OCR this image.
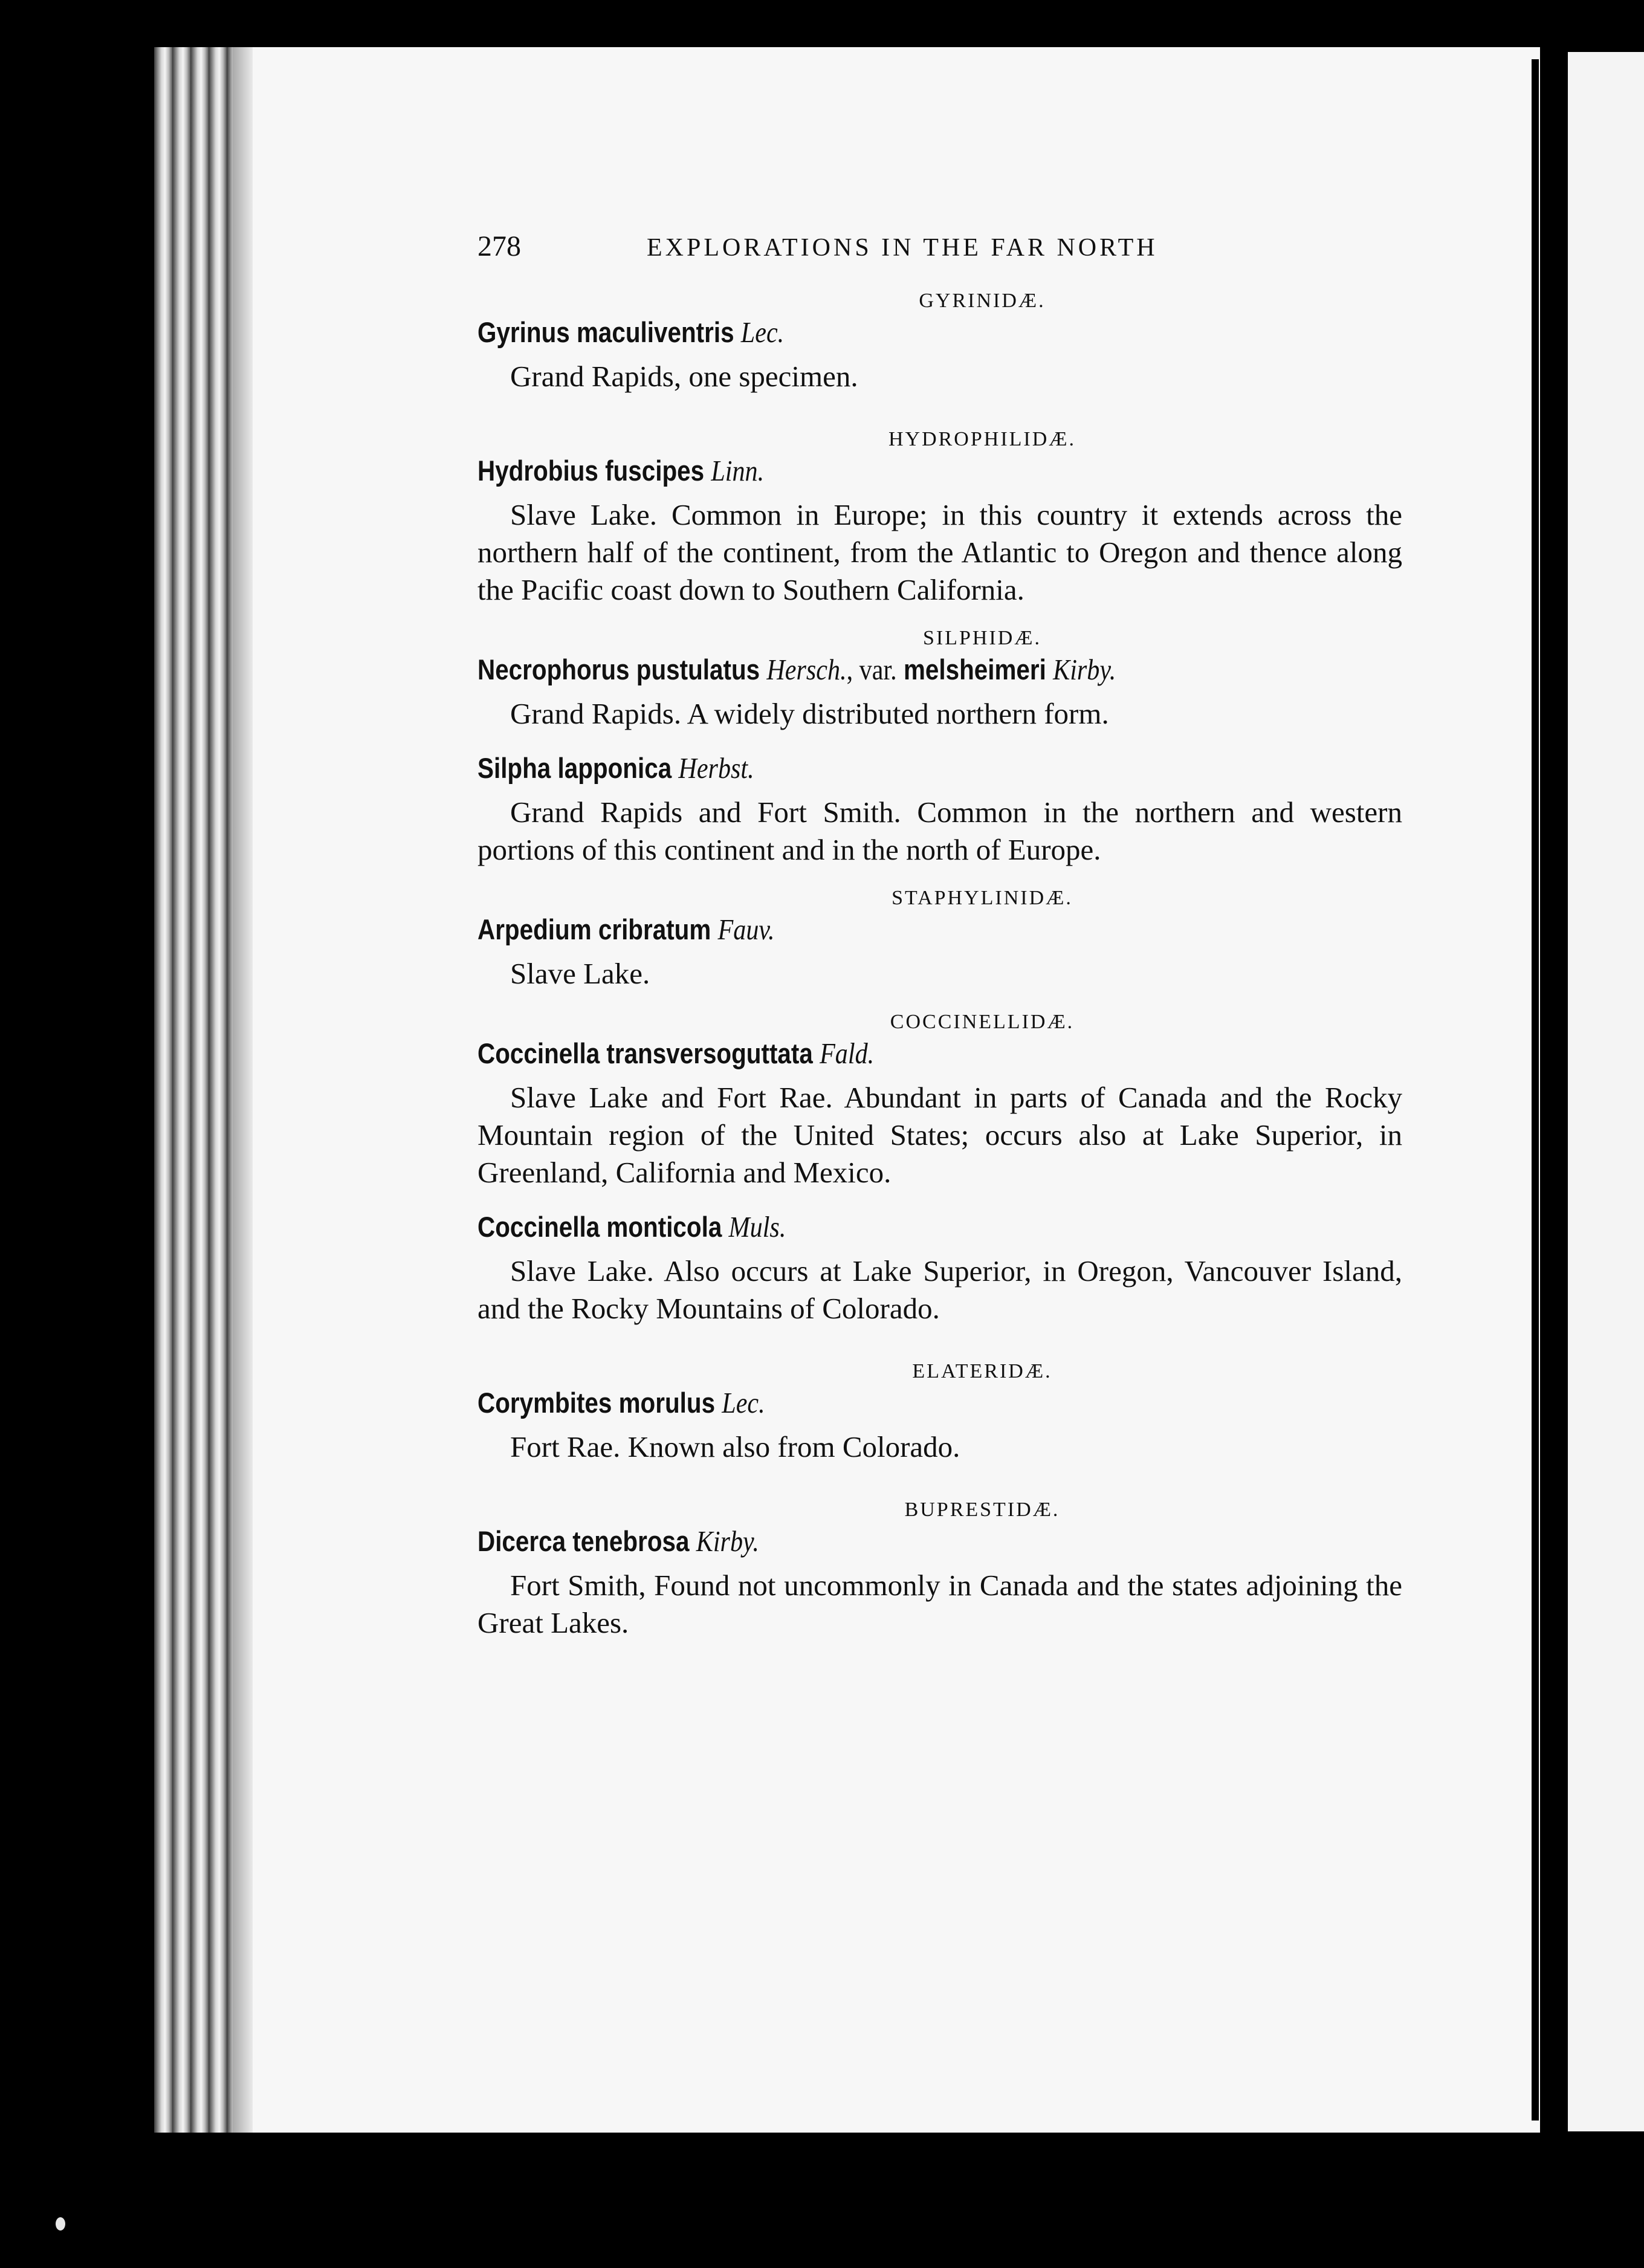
278	EXPLORATIONS IN THE FAR NORTH
GYRINIDÆ.
Gyrinus maculiventris Lec.

Grand Rapids, one specimen.

HYDROPHILIDÆ.
Hydrobius fuscipes Linn.

Slave Lake. Common in Europe; in this country it extends across the northern half of the continent, from the Atlantic to Oregon and thence along the Pacific coast down to Southern California.

SILPHIDÆ.
Necrophorus pustulatus Hersch., var. melsheimeri Kirby.

Grand Rapids. A widely distributed northern form.

Silpha lapponica Herbst.

Grand Rapids and Fort Smith. Common in the northern and western portions of this continent and in the north of Europe.

STAPHYLINIDÆ.
Arpedium cribratum Fauv.

Slave Lake.

COCCINELLIDÆ.
Coccinella transversoguttata Fald.

Slave Lake and Fort Rae. Abundant in parts of Canada and the Rocky Mountain region of the United States; occurs also at Lake Superior, in Greenland, California and Mexico.

Coccinella monticola Muls.

Slave Lake. Also occurs at Lake Superior, in Oregon, Vancouver Island, and the Rocky Mountains of Colorado.

ELATERIDÆ.
Corymbites morulus Lec.

Fort Rae. Known also from Colorado.

BUPRESTIDÆ.
Dicerca tenebrosa Kirby.

Fort Smith, Found not uncommonly in Canada and the states adjoining the Great Lakes.
